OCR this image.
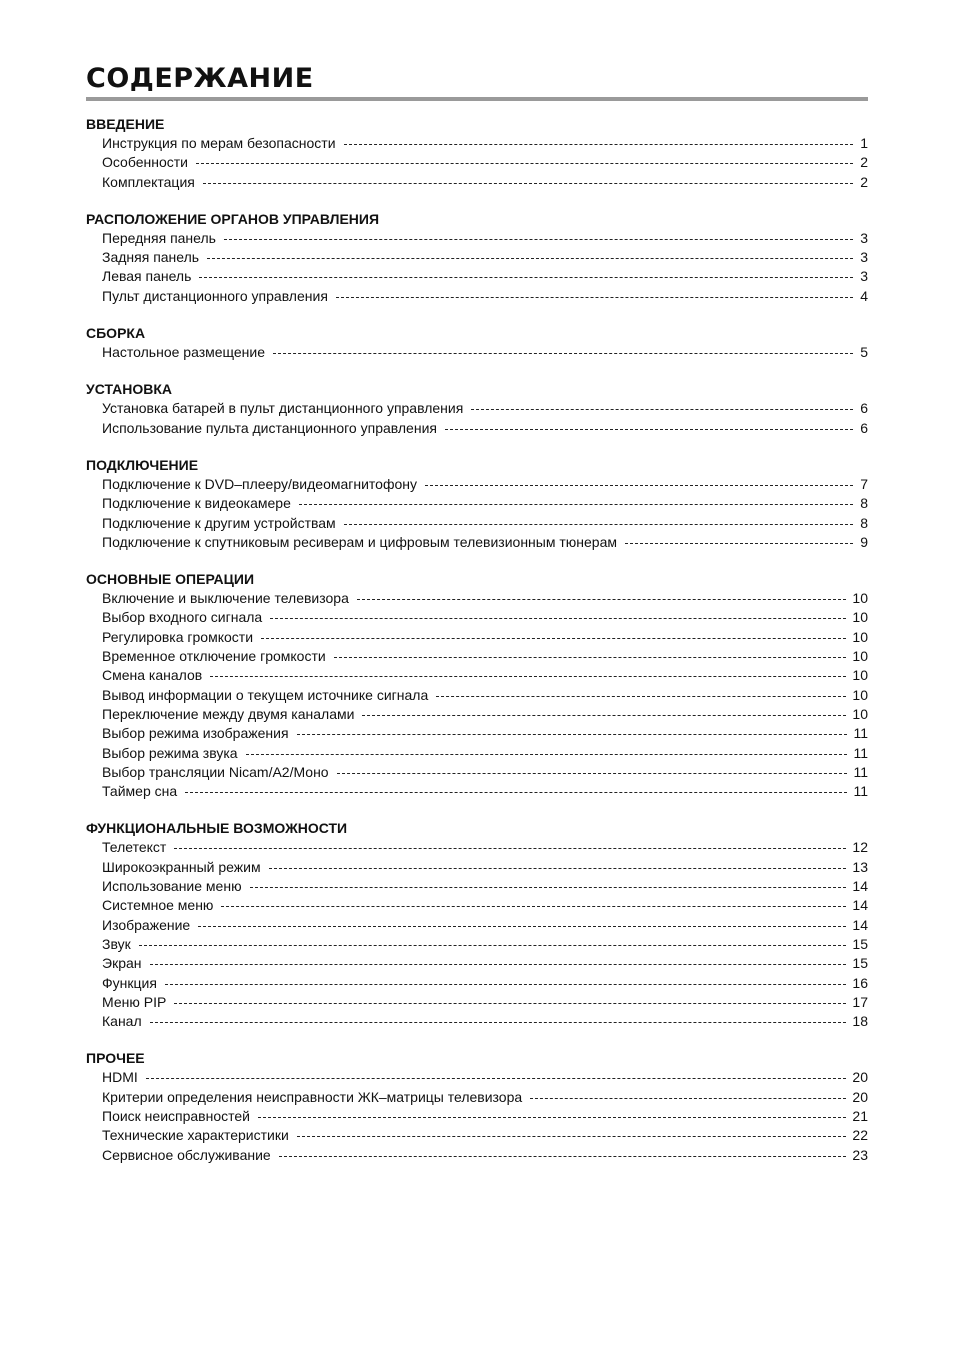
СОДЕРЖАНИЕ
ВВЕДЕНИЕ
Инструкция по мерам безопасности	1
Особенности	2
Комплектация	2
РАСПОЛОЖЕНИЕ ОРГАНОВ УПРАВЛЕНИЯ
Передняя панель	3
Задняя панель	3
Левая панель	3
Пульт дистанционного управления	4
СБОРКА
Настольное размещение	5
УСТАНОВКА
Установка батарей в пульт дистанционного управления	6
Использование пульта дистанционного управления	6
ПОДКЛЮЧЕНИЕ
Подключение к DVD–плееру/видеомагнитофону	7
Подключение к видеокамере	8
Подключение к другим устройствам	8
Подключение к спутниковым ресиверам и цифровым телевизионным тюнерам	9
ОСНОВНЫЕ ОПЕРАЦИИ
Включение и выключение телевизора	10
Выбор входного сигнала	10
Регулировка громкости	10
Временное отключение громкости	10
Смена каналов	10
Вывод информации о текущем источнике сигнала	10
Переключение между двумя каналами	10
Выбор режима изображения	11
Выбор режима звука	11
Выбор трансляции Nicam/A2/Моно	11
Таймер сна	11
ФУНКЦИОНАЛЬНЫЕ ВОЗМОЖНОСТИ
Телетекст	12
Широкоэкранный режим	13
Использование меню	14
Системное меню	14
Изображение	14
Звук	15
Экран	15
Функция	16
Меню PIP	17
Канал	18
ПРОЧЕЕ
HDMI	20
Критерии определения неисправности ЖК–матрицы телевизора	20
Поиск неисправностей	21
Технические характеристики	22
Сервисное обслуживание	23
